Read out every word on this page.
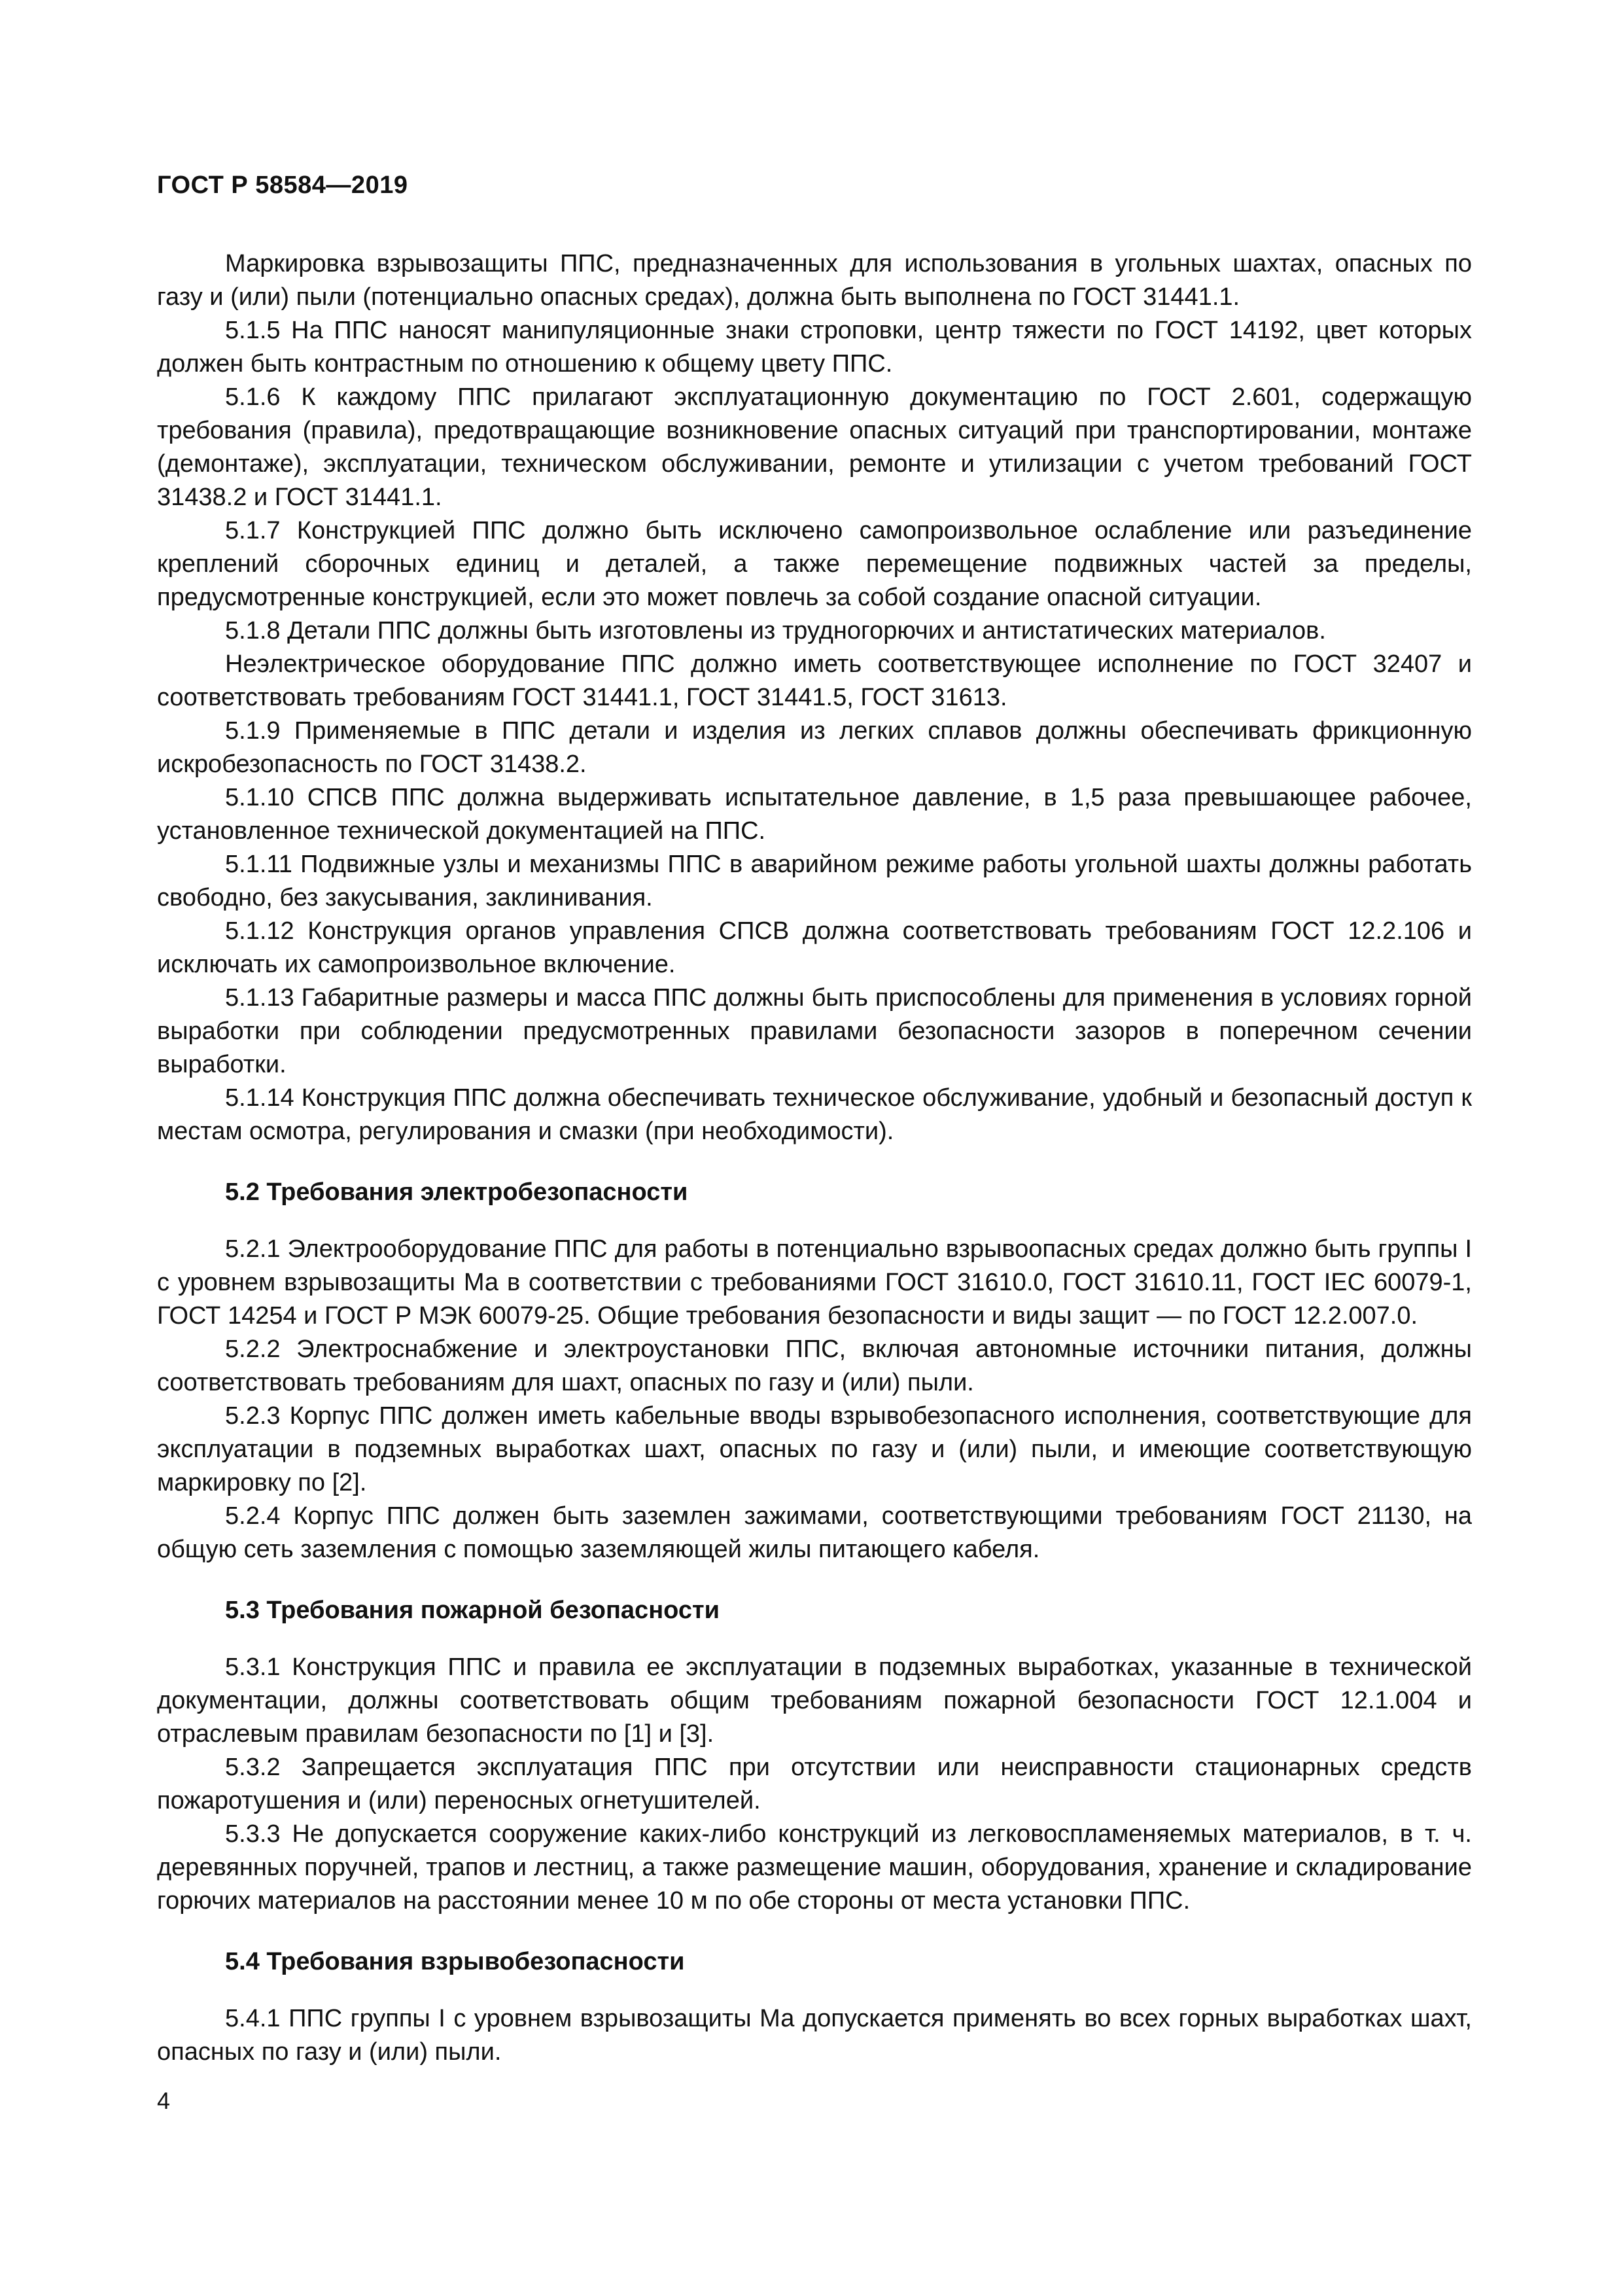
ГОСТ Р 58584—2019

Маркировка взрывозащиты ППС, предназначенных для использования в угольных шахтах, опасных по газу и (или) пыли (потенциально опасных средах), должна быть выполнена по ГОСТ 31441.1.

5.1.5 На ППС наносят манипуляционные знаки строповки, центр тяжести по ГОСТ 14192, цвет которых должен быть контрастным по отношению к общему цвету ППС.

5.1.6 К каждому ППС прилагают эксплуатационную документацию по ГОСТ 2.601, содержащую требования (правила), предотвращающие возникновение опасных ситуаций при транспортировании, монтаже (демонтаже), эксплуатации, техническом обслуживании, ремонте и утилизации с учетом требований ГОСТ 31438.2 и ГОСТ 31441.1.

5.1.7 Конструкцией ППС должно быть исключено самопроизвольное ослабление или разъединение креплений сборочных единиц и деталей, а также перемещение подвижных частей за пределы, предусмотренные конструкцией, если это может повлечь за собой создание опасной ситуации.

5.1.8 Детали ППС должны быть изготовлены из трудногорючих и антистатических материалов.

Неэлектрическое оборудование ППС должно иметь соответствующее исполнение по ГОСТ 32407 и соответствовать требованиям ГОСТ 31441.1, ГОСТ 31441.5, ГОСТ 31613.

5.1.9 Применяемые в ППС детали и изделия из легких сплавов должны обеспечивать фрикционную искробезопасность по ГОСТ 31438.2.

5.1.10 СПСВ ППС должна выдерживать испытательное давление, в 1,5 раза превышающее рабочее, установленное технической документацией на ППС.

5.1.11 Подвижные узлы и механизмы ППС в аварийном режиме работы угольной шахты должны работать свободно, без закусывания, заклинивания.

5.1.12 Конструкция органов управления СПСВ должна соответствовать требованиям ГОСТ 12.2.106 и исключать их самопроизвольное включение.

5.1.13 Габаритные размеры и масса ППС должны быть приспособлены для применения в условиях горной выработки при соблюдении предусмотренных правилами безопасности зазоров в поперечном сечении выработки.

5.1.14 Конструкция ППС должна обеспечивать техническое обслуживание, удобный и безопасный доступ к местам осмотра, регулирования и смазки (при необходимости).

5.2 Требования электробезопасности

5.2.1 Электрооборудование ППС для работы в потенциально взрывоопасных средах должно быть группы I с уровнем взрывозащиты Ма в соответствии с требованиями ГОСТ 31610.0, ГОСТ 31610.11, ГОСТ IEC 60079-1, ГОСТ 14254 и ГОСТ Р МЭК 60079-25. Общие требования безопасности и виды защит — по ГОСТ 12.2.007.0.

5.2.2 Электроснабжение и электроустановки ППС, включая автономные источники питания, должны соответствовать требованиям для шахт, опасных по газу и (или) пыли.

5.2.3 Корпус ППС должен иметь кабельные вводы взрывобезопасного исполнения, соответствующие для эксплуатации в подземных выработках шахт, опасных по газу и (или) пыли, и имеющие соответствующую маркировку по [2].

5.2.4 Корпус ППС должен быть заземлен зажимами, соответствующими требованиям ГОСТ 21130, на общую сеть заземления с помощью заземляющей жилы питающего кабеля.

5.3 Требования пожарной безопасности

5.3.1 Конструкция ППС и правила ее эксплуатации в подземных выработках, указанные в технической документации, должны соответствовать общим требованиям пожарной безопасности ГОСТ 12.1.004 и отраслевым правилам безопасности по [1] и [3].

5.3.2 Запрещается эксплуатация ППС при отсутствии или неисправности стационарных средств пожаротушения и (или) переносных огнетушителей.

5.3.3 Не допускается сооружение каких-либо конструкций из легковоспламеняемых материалов, в т. ч. деревянных поручней, трапов и лестниц, а также размещение машин, оборудования, хранение и складирование горючих материалов на расстоянии менее 10 м по обе стороны от места установки ППС.

5.4 Требования взрывобезопасности

5.4.1 ППС группы I с уровнем взрывозащиты Ма допускается применять во всех горных выработках шахт, опасных по газу и (или) пыли.

4
